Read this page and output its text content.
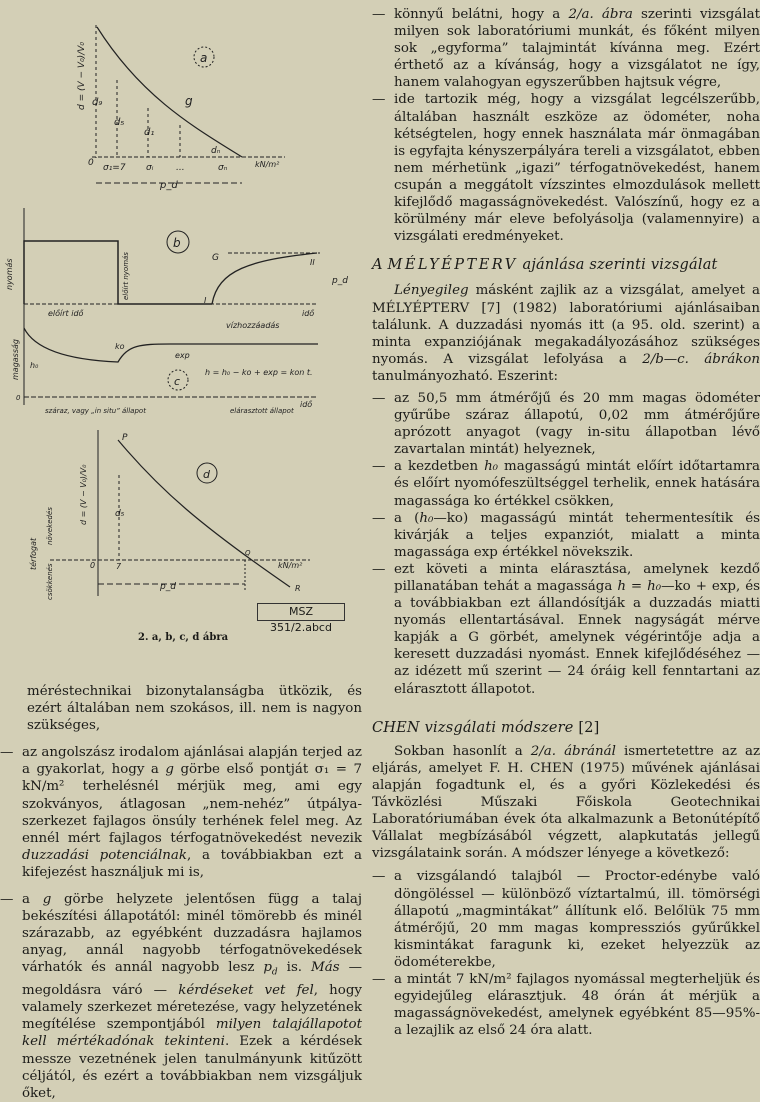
a
g
d₉
d₅
d₁
dₙ
0 σ₁=7 σᵢ	...	σₙ	kN/m²
p_d
d = (V − V₀)/V₀
b
nyomás	előírt nyomás	G
I
II
p_d
előírt idő	idő
vízhozzáadás
c
magasság h₀
ko
exp
h = h₀ − ko + exp = kon t.
0
idő
száraz, vagy „in situ” állapot	elárasztott állapot
d
P
Q
R
d₅
0	7	kN/m²
p_d
d = (V − V₀)/V₀
térfogat
növekedés
csökkenés
MSZ 351/2.abcd
2. a, b, c, d ábra
méréstechnikai bizonytalanságba ütközik, és ezért általában nem szokásos, ill. nem is nagyon szükséges,
— az angolszász irodalom ajánlásai alapján terjed az a gyakorlat, hogy a g görbe első pontját σ₁ = 7 kN/m² terhelésnél mérjük meg, ami egy szokványos, átlagosan „nem-nehéz” útpálya-szerkezet fajlagos önsúly terhének felel meg. Az ennél mért fajlagos térfogatnövekedést nevezik duzzadási potenciálnak, a továbbiakban ezt a kifejezést használjuk mi is,
— a g görbe helyzete jelentősen függ a talaj bekészítési állapotától: minél tömörebb és minél szárazabb, az egyébként duzzadásra hajlamos anyag, annál nagyobb térfogatnövekedések várhatók és annál nagyobb lesz $p_d$ is. Más — megoldásra váró — kérdéseket vet fel, hogy valamely szerkezet méretezése, vagy helyzetének megítélése szempontjából milyen talajállapotot kell mértékadónak tekinteni. Ezek a kérdések messze vezetnének jelen tanulmányunk kitűzött céljától, és ezért a továbbiakban nem vizsgáljuk őket,
— könnyű belátni, hogy a 2/a. ábra szerinti vizsgálat milyen sok laboratóriumi munkát, és főként milyen sok „egyforma” talajmintát kívánna meg. Ezért érthető az a kívánság, hogy a vizsgálatot ne így, hanem valahogyan egyszerűbben hajtsuk végre,
— ide tartozik még, hogy a vizsgálat legcélszerűbb, általában használt eszköze az ödométer, noha kétségtelen, hogy ennek használata már önmagában is egyfajta kényszerpályára tereli a vizsgálatot, ebben nem mérhetünk „igazi” térfogatnövekedést, hanem csupán a meggátolt vízszintes elmozdulások mellett kifejlődő magasságnövekedést. Valószínű, hogy ez a körülmény már eleve befolyásolja (valamennyire) a vizsgálati eredményeket.
A MÉLYÉPTERV ajánlása szerinti vizsgálat

Lényegileg másként zajlik az a vizsgálat, amelyet a MÉLYÉPTERV [7] (1982) laboratóriumi ajánlásaiban találunk. A duzzadási nyomás itt (a 95. old. szerint) a minta expanziójának megakadályozásához szükséges nyomás. A vizsgálat lefolyása a 2/b—c. ábrákon tanulmányozható. Eszerint:

— az 50,5 mm átmérőjű és 20 mm magas ödométer gyűrűbe száraz állapotú, 0,02 mm átmérőjűre aprózott anyagot (vagy in-situ állapotban lévő zavartalan mintát) helyeznek,
— a kezdetben h₀ magasságú mintát előírt időtartamra és előírt nyomófeszültséggel terhelik, ennek hatására magassága ko értékkel csökken,
— a (h₀—ko) magasságú mintát tehermentesítik és kivárják a teljes expanziót, mialatt a minta magassága exp értékkel növekszik.
— ezt követi a minta elárasztása, amelynek kezdő pillanatában tehát a magassága h = h₀—ko + exp, és a továbbiakban ezt állandósítják a duzzadás miatti nyomás ellentartásával. Ennek nagyságát mérve kapják a G görbét, amelynek végérintője adja a keresett duzzadási nyomást. Ennek kifejlődéséhez — az idézett mű szerint — 24 óráig kell fenntartani az elárasztott állapotot.
CHEN vizsgálati módszere [2]

Sokban hasonlít a 2/a. ábránál ismertetettre az az eljárás, amelyet F. H. CHEN (1975) művének ajánlásai alapján fogadtunk el, és a győri Közlekedési és Távközlési Műszaki Főiskola Geotechnikai Laboratóriumában évek óta alkalmazunk a Betonútépítő Vállalat megbízásából végzett, alapkutatás jellegű vizsgálataink során. A módszer lényege a következő:

— a vizsgálandó talajból — Proctor-edénybe való döngöléssel — különböző víztartalmú, ill. tömörségi állapotú „magmintákat” állítunk elő. Belőlük 75 mm átmérőjű, 20 mm magas kompressziós gyűrűkkel kismintákat faragunk ki, ezeket helyezzük az ödométerekbe,
— a mintát 7 kN/m² fajlagos nyomással megterheljük és egyidejűleg elárasztjuk. 48 órán át mérjük a magasságnövekedést, amelynek egyébként 85—95%-a lezajlik az első 24 óra alatt.
